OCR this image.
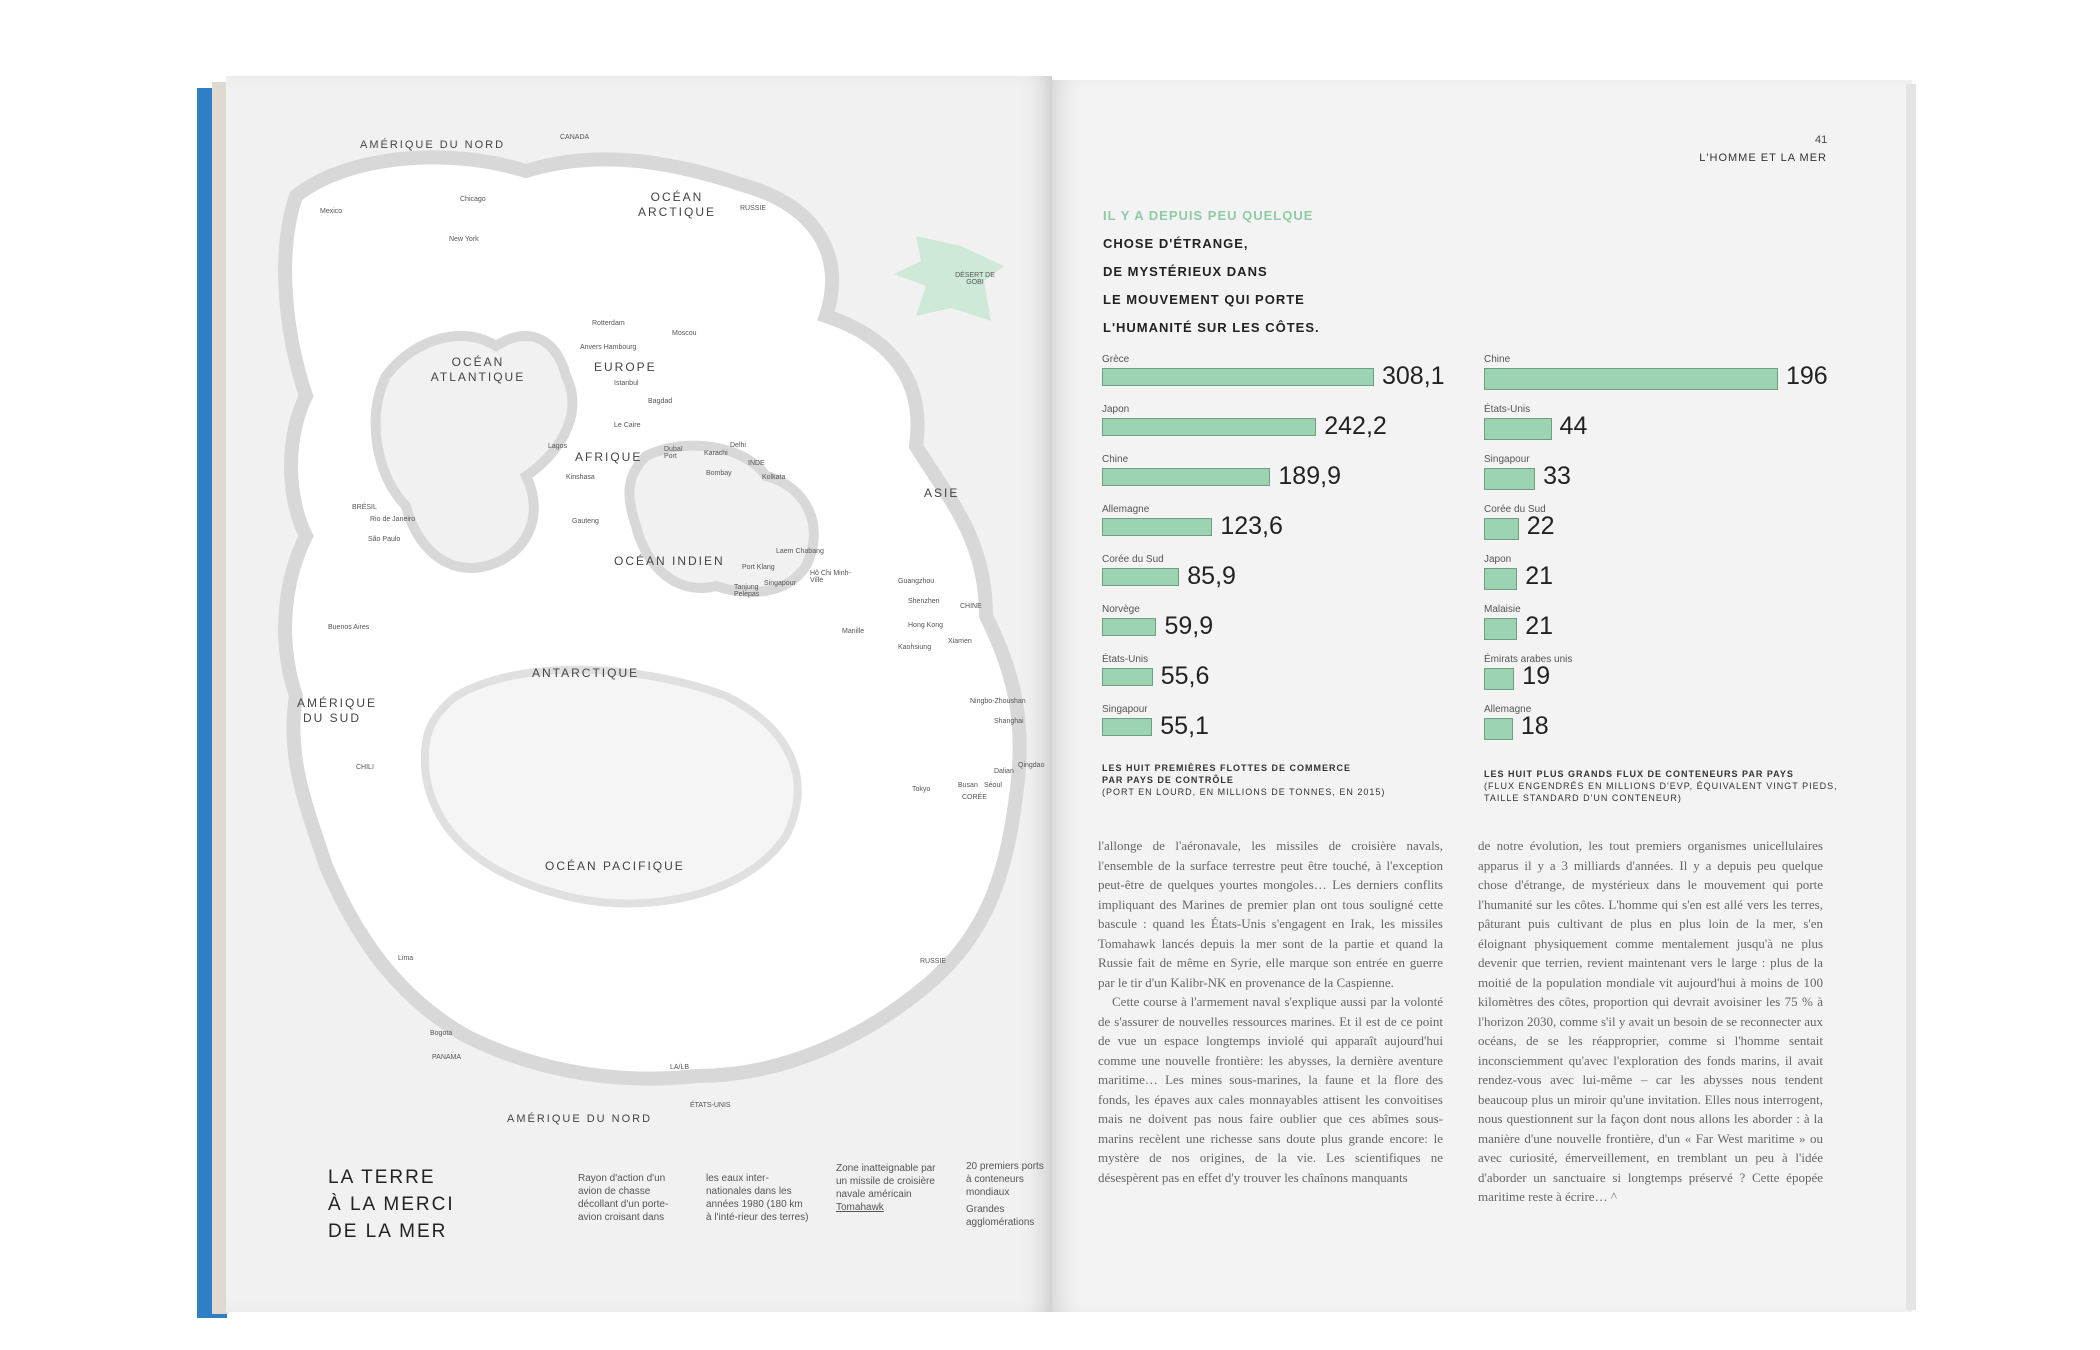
AMÉRIQUE DU NORD
CANADA
OCÉAN ARCTIQUE	RUSSIE
DÉSERT DE GOBI
OCÉAN ATLANTIQUE
EUROPE
AFRIQUE	INDE
ASIE
OCÉAN INDIEN
BRÉSIL
CHINE
ANTARCTIQUE
AMÉRIQUE DU SUD
CHILI
CORÉE
OCÉAN PACIFIQUE
RUSSIE
PANAMA
ÉTATS-UNIS
AMÉRIQUE DU NORD
Mexico
Chicago
New York
Rotterdam
Anvers Hambourg
Moscou
Istanbul
Bagdad
Le Caire
Lagos	Dubaï Port	Karachi
Delhi
Kinshasa
Bombay
Kolkata
Rio de Janeiro
São Paulo
Gauteng
Laem Chabang
Port Klang
Singapour
Tanjung Pelepas
Hô Chi Minh-Ville	Guangzhou
Shenzhen
Hong Kong
Kaohsiung
Xiamen
Manille
Buenos Aires
Ningbo-Zhoushan
Shanghai
Busan Séoul
Dalian
Qingdao
Tokyo
Lima
Bogota
LA/LB
LA TERRE
À LA MERCI
DE LA MER
Rayon d'action d'un avion de chasse décollant d'un porte-avion croisant dans
les eaux inter-nationales dans les années 1980 (180 km à l'inté-rieur des terres)
Zone inatteignable par un missile de croisière navale américain Tomahawk
20 premiers ports à conteneurs mondiaux
Grandes agglomérations
41
L'HOMME ET LA MER
IL Y A DEPUIS PEU QUELQUE
CHOSE D'ÉTRANGE,
DE MYSTÉRIEUX DANS
LE MOUVEMENT QUI PORTE
L'HUMANITÉ SUR LES CÔTES.
Grèce
308,1
Japon
242,2
Chine
189,9
Allemagne
123,6
Corée du Sud
85,9
Norvège
59,9
États-Unis
55,6
Singapour
55,1
Chine
196
États-Unis
44
Singapour
33
Corée du Sud
22
Japon
21
Malaisie
21
Émirats arabes unis
19
Allemagne
18
LES HUIT PREMIÈRES FLOTTES DE COMMERCE
PAR PAYS DE CONTRÔLE
(PORT EN LOURD, EN MILLIONS DE TONNES, EN 2015)
LES HUIT PLUS GRANDS FLUX DE CONTENEURS PAR PAYS
(FLUX ENGENDRÉS EN MILLIONS D'EVP, ÉQUIVALENT VINGT PIEDS,
TAILLE STANDARD D'UN CONTENEUR)

l'allonge de l'aéronavale, les missiles de croisière navals, l'ensemble de la surface terrestre peut être touché, à l'exception peut-être de quelques yourtes mongoles… Les derniers conflits impliquant des Marines de premier plan ont tous souligné cette bascule : quand les États-Unis s'engagent en Irak, les missiles Tomahawk lancés depuis la mer sont de la partie et quand la Russie fait de même en Syrie, elle marque son entrée en guerre par le tir d'un Kalibr-NK en provenance de la Caspienne.

Cette course à l'armement naval s'explique aussi par la volonté de s'assurer de nouvelles ressources marines. Et il est de ce point de vue un espace longtemps inviolé qui apparaît aujourd'hui comme une nouvelle frontière: les abysses, la dernière aventure maritime… Les mines sous-marines, la faune et la flore des fonds, les épaves aux cales monnayables attisent les convoitises mais ne doivent pas nous faire oublier que ces abîmes sous-marins recèlent une richesse sans doute plus grande encore: le mystère de nos origines, de la vie. Les scientifiques ne désespèrent pas en effet d'y trouver les chaînons manquants

de notre évolution, les tout premiers organismes unicellulaires apparus il y a 3 milliards d'années. Il y a depuis peu quelque chose d'étrange, de mystérieux dans le mouvement qui porte l'humanité sur les côtes. L'homme qui s'en est allé vers les terres, pâturant puis cultivant de plus en plus loin de la mer, s'en éloignant physiquement comme mentalement jusqu'à ne plus devenir que terrien, revient maintenant vers le large : plus de la moitié de la population mondiale vit aujourd'hui à moins de 100 kilomètres des côtes, proportion qui devrait avoisiner les 75 % à l'horizon 2030, comme s'il y avait un besoin de se reconnecter aux océans, de se les réapproprier, comme si l'homme sentait inconsciemment qu'avec l'exploration des fonds marins, il avait rendez-vous avec lui-même – car les abysses nous tendent beaucoup plus un miroir qu'une invitation. Elles nous interrogent, nous questionnent sur la façon dont nous allons les aborder : à la manière d'une nouvelle frontière, d'un « Far West maritime » ou avec curiosité, émerveillement, en tremblant un peu à l'idée d'aborder un sanctuaire si longtemps préservé ? Cette épopée maritime reste à écrire… ^
